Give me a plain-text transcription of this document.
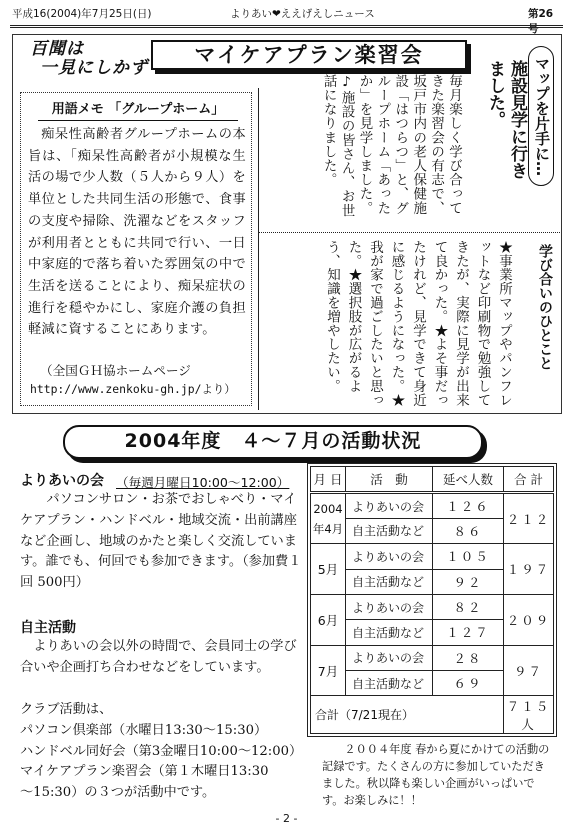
平成16(2004)年7月25日(日)	よりあい❤ええげえしニュース	第26号
百聞は
一見にしかず
マイケアプラン楽習会
用語メモ 「グループホーム」
痴呆性高齢者グループホームの本旨は、「痴呆性高齢者が小規模な生活の場で少人数（５人から９人）を単位とした共同生活の形態で、食事の支度や掃除、洗濯などをスタッフが利用者とともに共同で行い、一日中家庭的で落ち着いた雰囲気の中で生活を送ることにより、痴呆症状の進行を穏やかにし、家庭介護の負担軽減に資することにあります。
（全国ＧＨ協ホームページ
http://www.zenkoku-gh.jp/より）
マップを片手に…
施設見学に行きました。
毎月楽しく学び合ってきた楽習会の有志で、坂戸市内の老人保健施設「はつらつ」と、グループホーム「あったか」を見学しました。♪施設の皆さん、お世話になりました。
学び合いのひとこと
★事業所マップやパンフレットなど印刷物で勉強してきたが、実際に見学が出来て良かった。★よそ事だったけれど、見学できて身近に感じるようになった。★我が家で過ごしたいと思った。★選択肢が広がるよう、知識を増やしたい。
2004年度　４～７月の活動状況
よりあいの会 （毎週月曜日10:00～12:00）
パソコンサロン・お茶でおしゃべり・マイケアプラン・ハンドベル・地域交流・出前講座など企画し、地域のかたと楽しく交流しています。誰でも、何回でも参加できます。（参加費１回 500円）
自主活動
よりあいの会以外の時間で、会員同士の学び合いや企画打ち合わせなどをしています。
クラブ活動は、
パソコン倶楽部（水曜日13:30～15:30）
ハンドベル同好会（第3金曜日10:00～12:00）
マイケアプラン楽習会（第１木曜日13:30
～15:30）の３つが活動中です。
月 日	活　動	延べ人数	合 計
2004年4月	よりあいの会	１２６	２１２
	自主活動など	８６	
5月	よりあいの会	１０５	１９７
	自主活動など	９２	
6月	よりあいの会	８２	２０９
	自主活動など	１２７	
7月	よりあいの会	２８	９７
	自主活動など	６９	
合計（7/21現在）			７１５人
２００４年度 春から夏にかけての活動の記録です。たくさんの方に参加していただきました。秋以降も楽しい企画がいっぱいです。お楽しみに！！
- 2 -
